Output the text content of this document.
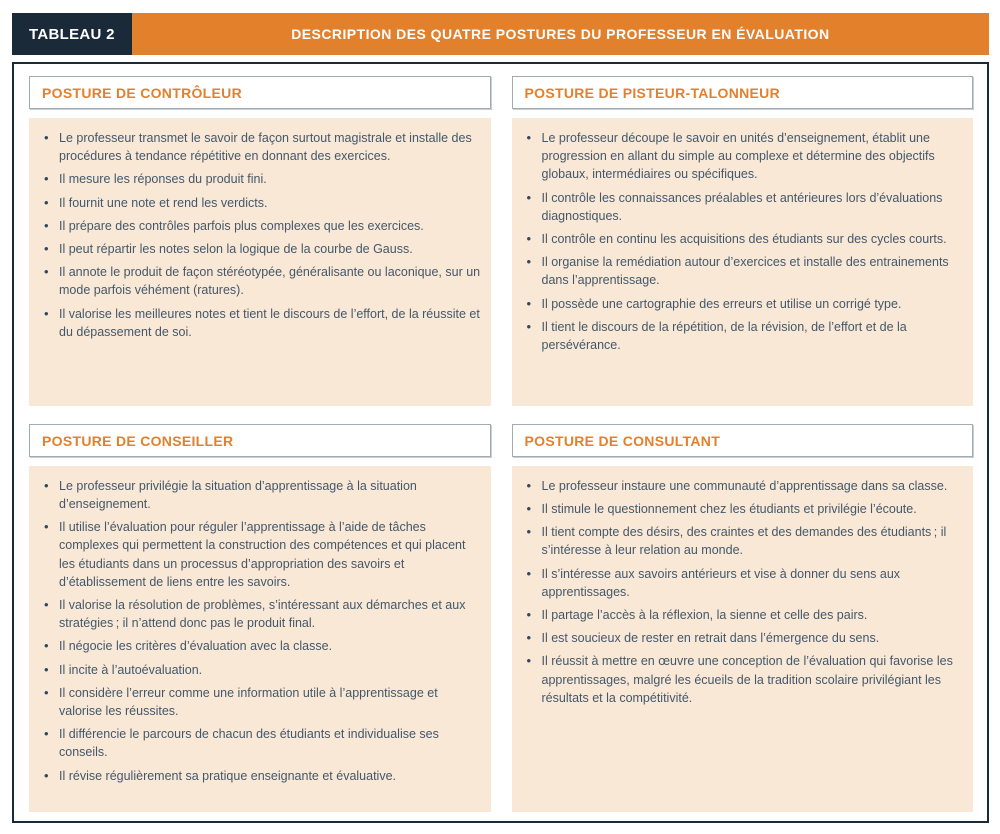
TABLEAU 2	DESCRIPTION DES QUATRE POSTURES DU PROFESSEUR EN ÉVALUATION
POSTURE DE CONTRÔLEUR
• Le professeur transmet le savoir de façon surtout magistrale et installe des procédures à tendance répétitive en donnant des exercices.
• Il mesure les réponses du produit fini.
• Il fournit une note et rend les verdicts.
• Il prépare des contrôles parfois plus complexes que les exercices.
• Il peut répartir les notes selon la logique de la courbe de Gauss.
• Il annote le produit de façon stéréotypée, généralisante ou laconique, sur un mode parfois véhément (ratures).
• Il valorise les meilleures notes et tient le discours de l’effort, de la réussite et du dépassement de soi.
POSTURE DE PISTEUR-TALONNEUR
• Le professeur découpe le savoir en unités d’enseignement, établit une progression en allant du simple au complexe et détermine des objectifs globaux, intermédiaires ou spécifiques.
• Il contrôle les connaissances préalables et antérieures lors d’évaluations diagnostiques.
• Il contrôle en continu les acquisitions des étudiants sur des cycles courts.
• Il organise la remédiation autour d’exercices et installe des entrainements dans l’apprentissage.
• Il possède une cartographie des erreurs et utilise un corrigé type.
• Il tient le discours de la répétition, de la révision, de l’effort et de la persévérance.
POSTURE DE CONSEILLER
• Le professeur privilégie la situation d’apprentissage à la situation d’enseignement.
• Il utilise l’évaluation pour réguler l’apprentissage à l’aide de tâches complexes qui permettent la construction des compétences et qui placent les étudiants dans un processus d’appropriation des savoirs et d’établissement de liens entre les savoirs.
• Il valorise la résolution de problèmes, s’intéressant aux démarches et aux stratégies ; il n’attend donc pas le produit final.
• Il négocie les critères d’évaluation avec la classe.
• Il incite à l’autoévaluation.
• Il considère l’erreur comme une information utile à l’apprentissage et valorise les réussites.
• Il différencie le parcours de chacun des étudiants et individualise ses conseils.
• Il révise régulièrement sa pratique enseignante et évaluative.
POSTURE DE CONSULTANT
• Le professeur instaure une communauté d’apprentissage dans sa classe.
• Il stimule le questionnement chez les étudiants et privilégie l’écoute.
• Il tient compte des désirs, des craintes et des demandes des étudiants ; il s’intéresse à leur relation au monde.
• Il s’intéresse aux savoirs antérieurs et vise à donner du sens aux apprentissages.
• Il partage l’accès à la réflexion, la sienne et celle des pairs.
• Il est soucieux de rester en retrait dans l’émergence du sens.
• Il réussit à mettre en œuvre une conception de l’évaluation qui favorise les apprentissages, malgré les écueils de la tradition scolaire privilégiant les résultats et la compétitivité.
